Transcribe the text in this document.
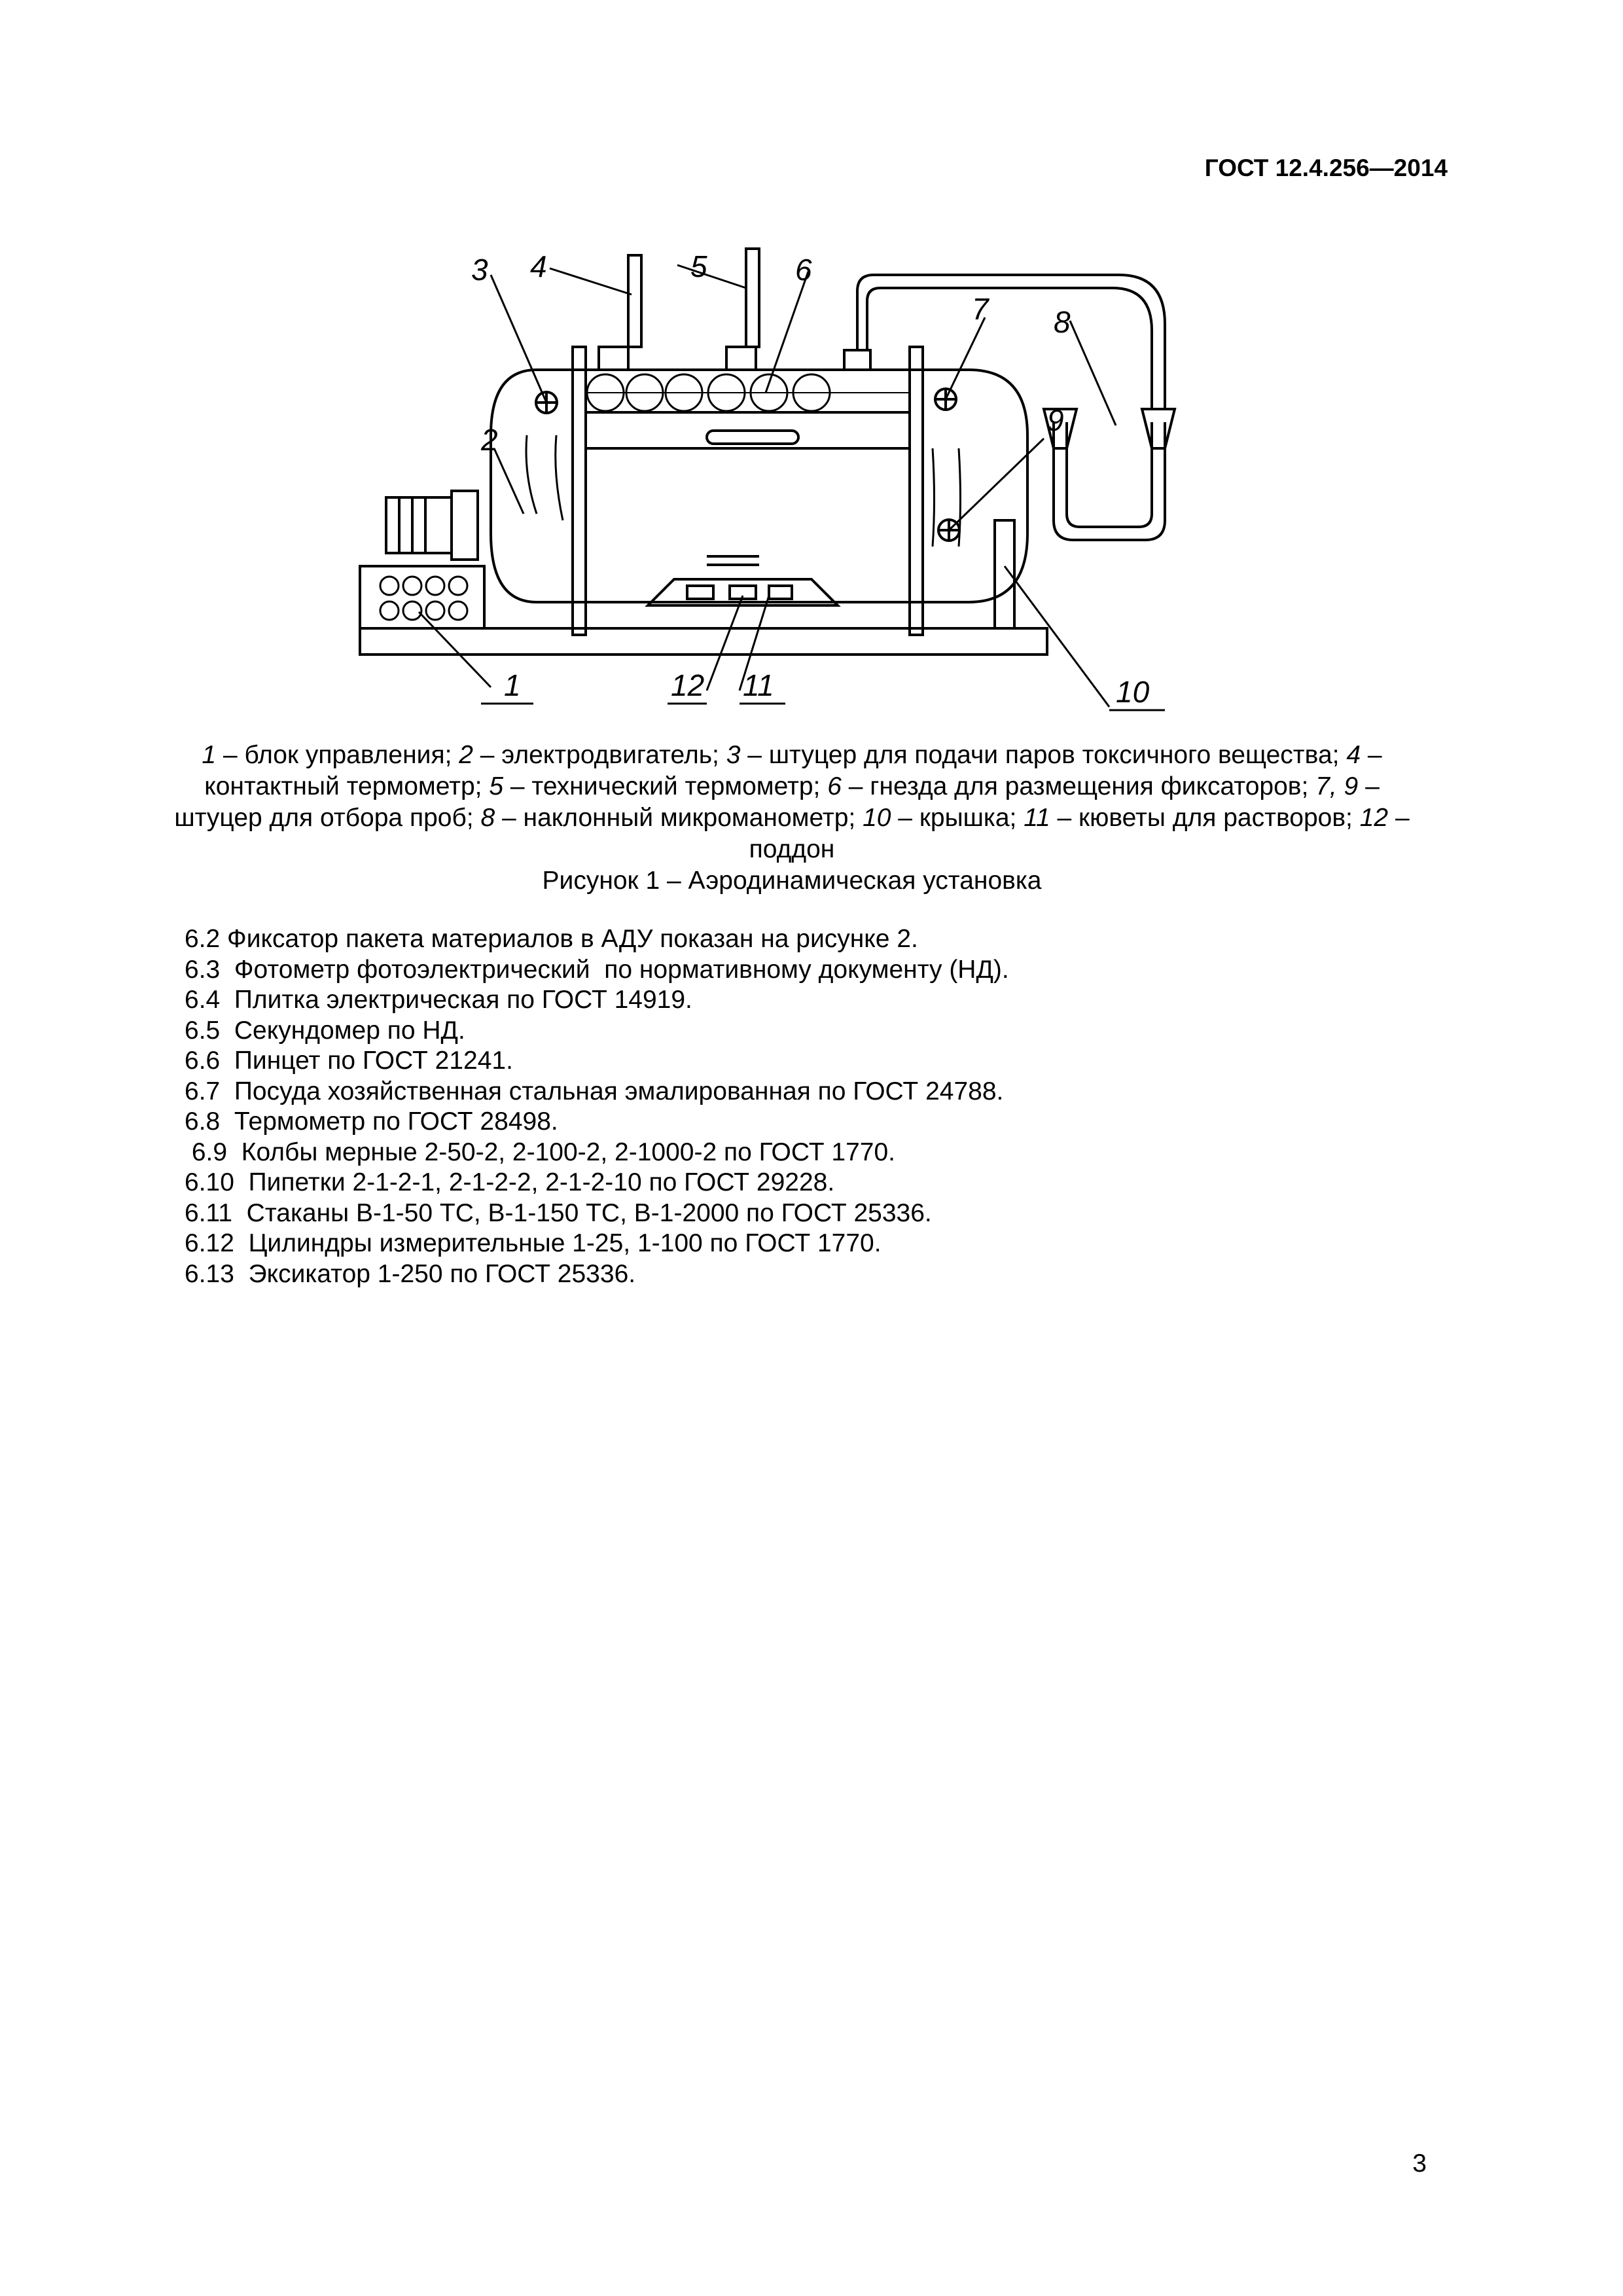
ГОСТ 12.4.256—2014
3 4	5	6
7 8
9
2
1	12 11	10
1 – блок управления; 2 – электродвигатель; 3 – штуцер для подачи паров токсичного вещества; 4 – контактный термометр; 5 – технический термометр; 6 – гнезда для размещения фиксаторов; 7, 9 – штуцер для отбора проб; 8 – наклонный микроманометр; 10 – крышка; 11 – кюветы для растворов; 12 – поддон
Рисунок 1 – Аэродинамическая установка
6.2 Фиксатор пакета материалов в АДУ показан на рисунке 2.
6.3  Фотометр фотоэлектрический  по нормативному документу (НД).
6.4  Плитка электрическая по ГОСТ 14919.
6.5  Секундомер по НД.
6.6  Пинцет по ГОСТ 21241.
6.7  Посуда хозяйственная стальная эмалированная по ГОСТ 24788.
6.8  Термометр по ГОСТ 28498.
6.9  Колбы мерные 2-50-2, 2-100-2, 2-1000-2 по ГОСТ 1770.
6.10  Пипетки 2-1-2-1, 2-1-2-2, 2-1-2-10 по ГОСТ 29228.
6.11  Стаканы В-1-50 ТС, В-1-150 ТС, В-1-2000 по ГОСТ 25336.
6.12  Цилиндры измерительные 1-25, 1-100 по ГОСТ 1770.
6.13  Эксикатор 1-250 по ГОСТ 25336.
3
